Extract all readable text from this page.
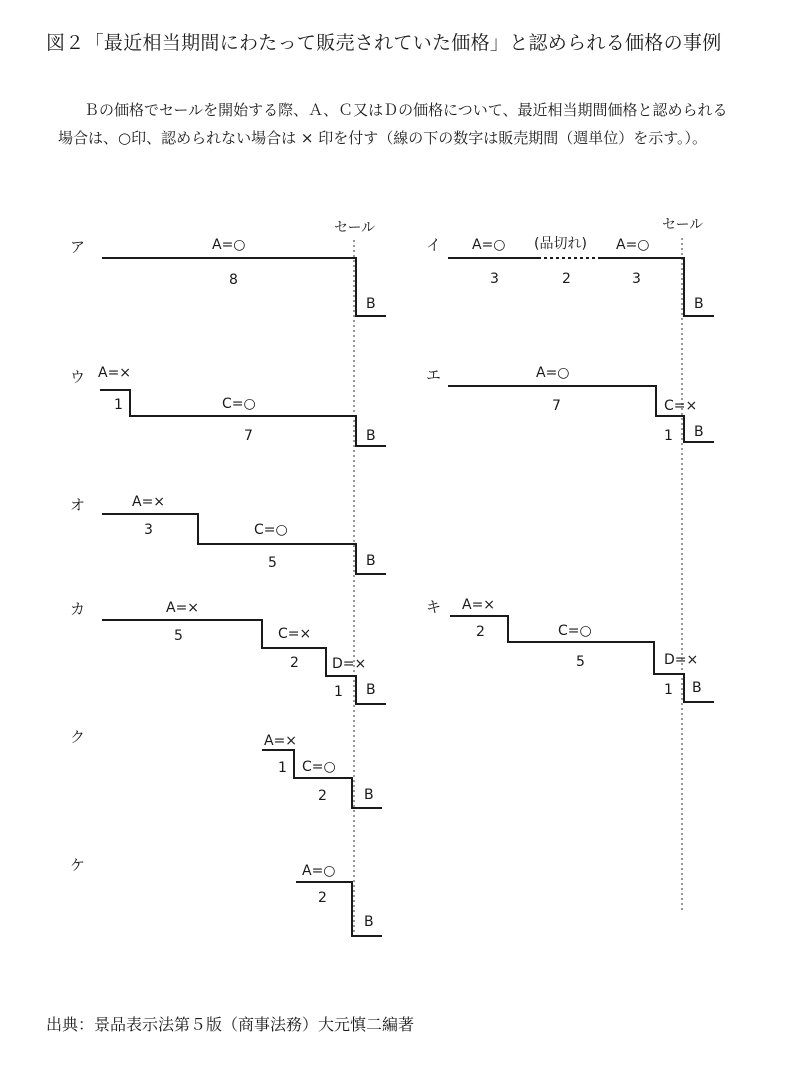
図２「最近相当期間にわたって販売されていた価格」と認められる価格の事例

Ｂの価格でセールを開始する際、Ａ、Ｃ又はＤの価格について、最近相当期間価格と認められる場合は、○印、認められない場合は × 印を付す（線の下の数字は販売期間（週単位）を示す。）。

セール	セール
ア	A=○
8
B
イ A=○ (品切れ) A=○
3	2	3
B
ウ A=×
1	C=○
7	B
エ	A=○
7	C=×
1 B
オ	A=×
3	C=○
5	B
カ	A=×
5	C=×
2 D=×
1 B
キ A=×
2	C=○
5	D=×
1 B
ク	A=×
1 C=○
2	B
ケ	A=○
2
B
出典：景品表示法第５版（商事法務）大元慎二編著
